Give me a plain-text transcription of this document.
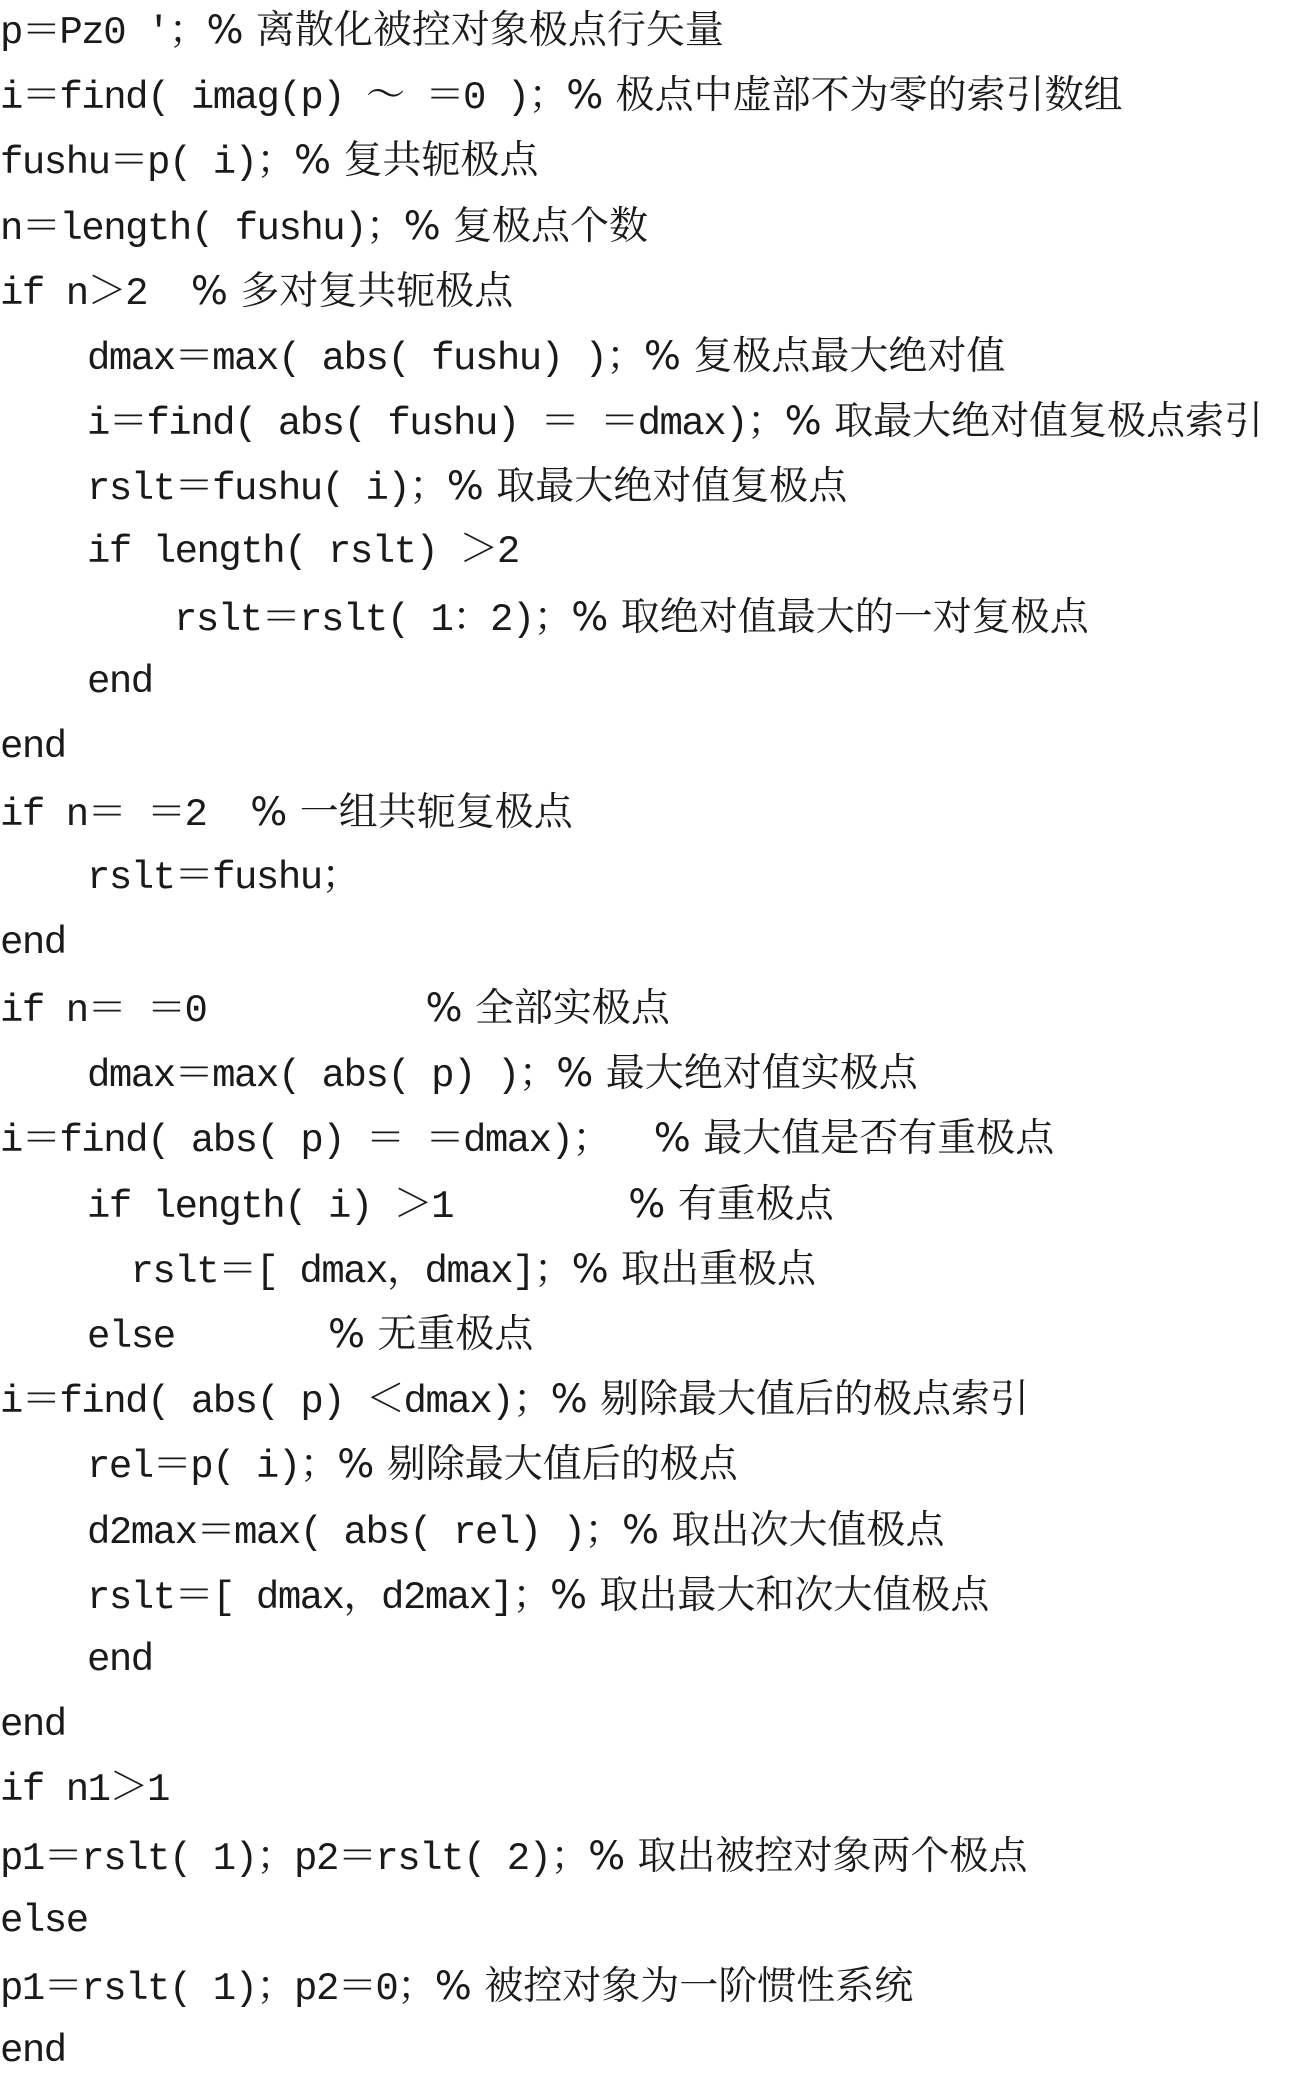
p＝Pz0 '；% 离散化被控对象极点行矢量
i＝find( imag(p) ～ ＝0 )；% 极点中虚部不为零的索引数组
fushu＝p( i)；% 复共轭极点
n＝length( fushu)；% 复极点个数
if n＞2  % 多对复共轭极点
dmax＝max( abs( fushu) )；% 复极点最大绝对值
i＝find( abs( fushu) ＝ ＝dmax)；% 取最大绝对值复极点索引
rslt＝fushu( i)；% 取最大绝对值复极点
if length( rslt) ＞2
rslt＝rslt( 1：2)；% 取绝对值最大的一对复极点
end
end
if n＝ ＝2  % 一组共轭复极点
rslt＝fushu；
end
if n＝ ＝0          % 全部实极点
dmax＝max( abs( p) )；% 最大绝对值实极点
i＝find( abs( p) ＝ ＝dmax)；  % 最大值是否有重极点
if length( i) ＞1        % 有重极点
rslt＝[ dmax，dmax]；% 取出重极点
else       % 无重极点
i＝find( abs( p) ＜dmax)；% 剔除最大值后的极点索引
rel＝p( i)；% 剔除最大值后的极点
d2max＝max( abs( rel) )；% 取出次大值极点
rslt＝[ dmax，d2max]；% 取出最大和次大值极点
end
end
if n1＞1
p1＝rslt( 1)；p2＝rslt( 2)；% 取出被控对象两个极点
else
p1＝rslt( 1)；p2＝0；% 被控对象为一阶惯性系统
end
